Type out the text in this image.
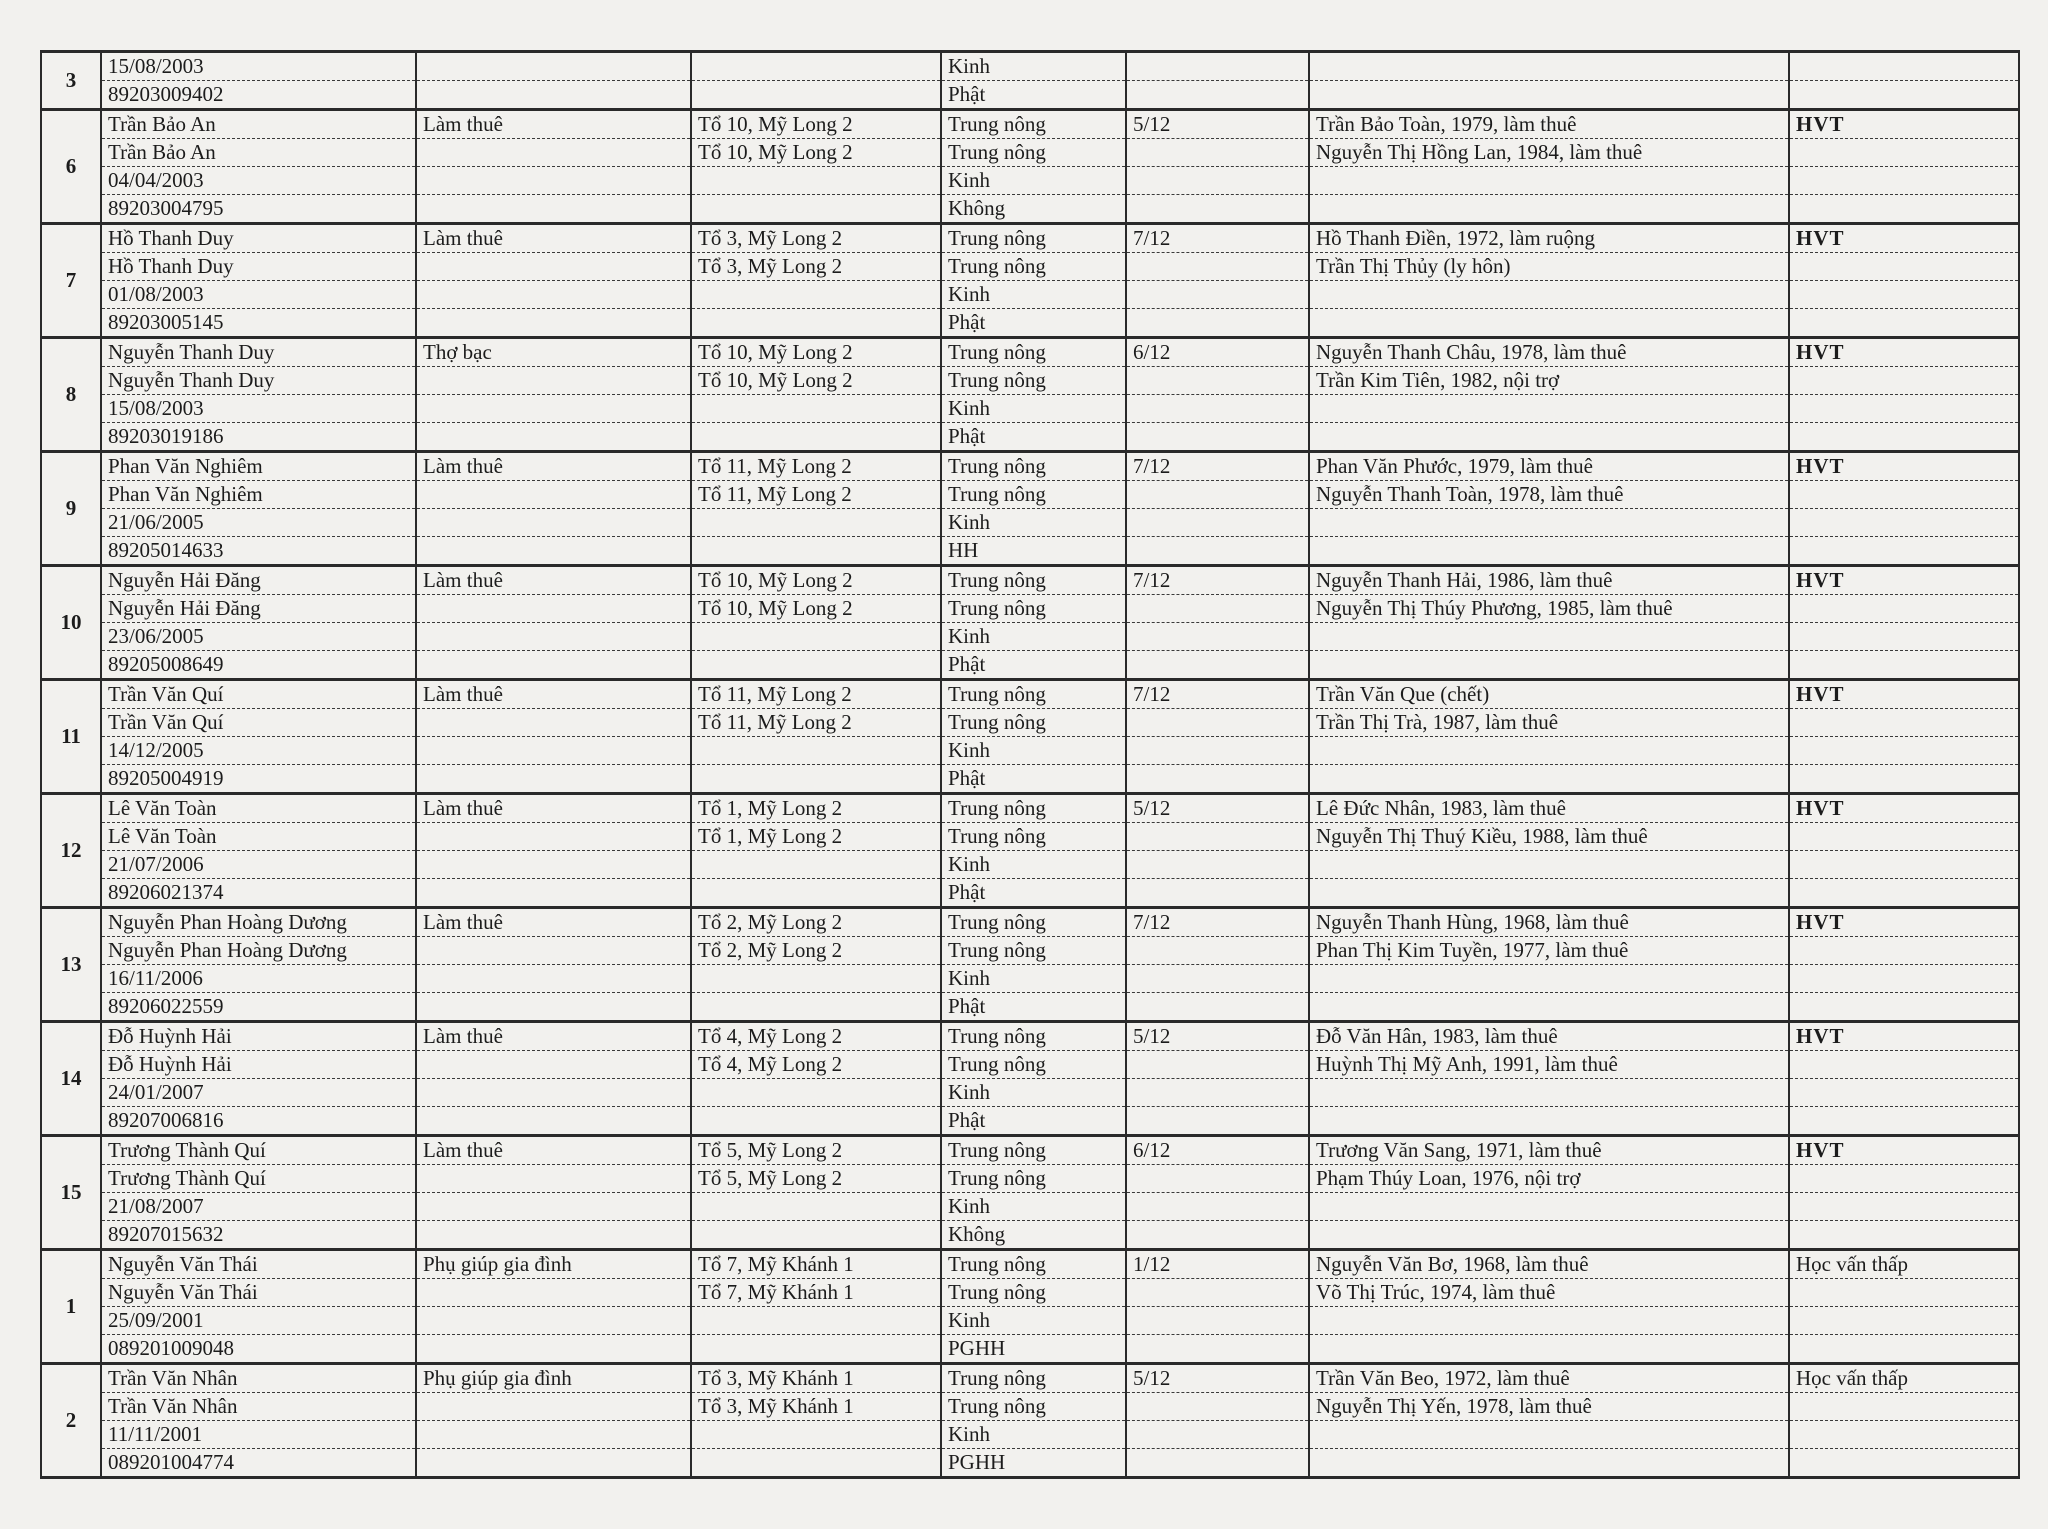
3	15/08/2003			Kinh			
	89203009402			Phật			
6	Trần Bảo An	Làm thuê	Tổ 10, Mỹ Long 2	Trung nông	5/12	Trần Bảo Toàn, 1979, làm thuê	HVT
	Trần Bảo An		Tổ 10, Mỹ Long 2	Trung nông		Nguyễn Thị Hồng Lan, 1984, làm thuê	
	04/04/2003			Kinh			
	89203004795			Không			
7	Hồ Thanh Duy	Làm thuê	Tổ 3, Mỹ Long 2	Trung nông	7/12	Hồ Thanh Điền, 1972, làm ruộng	HVT
	Hồ Thanh Duy		Tổ 3, Mỹ Long 2	Trung nông		Trần Thị Thủy (ly hôn)	
	01/08/2003			Kinh			
	89203005145			Phật			
8	Nguyễn Thanh Duy	Thợ bạc	Tổ 10, Mỹ Long 2	Trung nông	6/12	Nguyễn Thanh Châu, 1978, làm thuê	HVT
	Nguyễn Thanh Duy		Tổ 10, Mỹ Long 2	Trung nông		Trần Kim Tiên, 1982, nội trợ	
	15/08/2003			Kinh			
	89203019186			Phật			
9	Phan Văn Nghiêm	Làm thuê	Tổ 11, Mỹ Long 2	Trung nông	7/12	Phan Văn Phước, 1979, làm thuê	HVT
	Phan Văn Nghiêm		Tổ 11, Mỹ Long 2	Trung nông		Nguyễn Thanh Toàn, 1978, làm thuê	
	21/06/2005			Kinh			
	89205014633			HH			
10	Nguyễn Hải Đăng	Làm thuê	Tổ 10, Mỹ Long 2	Trung nông	7/12	Nguyễn Thanh Hải, 1986, làm thuê	HVT
	Nguyễn Hải Đăng		Tổ 10, Mỹ Long 2	Trung nông		Nguyễn Thị Thúy Phương, 1985, làm thuê	
	23/06/2005			Kinh			
	89205008649			Phật			
11	Trần Văn Quí	Làm thuê	Tổ 11, Mỹ Long 2	Trung nông	7/12	Trần Văn Que (chết)	HVT
	Trần Văn Quí		Tổ 11, Mỹ Long 2	Trung nông		Trần Thị Trà, 1987, làm thuê	
	14/12/2005			Kinh			
	89205004919			Phật			
12	Lê Văn Toàn	Làm thuê	Tổ 1, Mỹ Long 2	Trung nông	5/12	Lê Đức Nhân, 1983, làm thuê	HVT
	Lê Văn Toàn		Tổ 1, Mỹ Long 2	Trung nông		Nguyễn Thị Thuý Kiều, 1988, làm thuê	
	21/07/2006			Kinh			
	89206021374			Phật			
13	Nguyễn Phan Hoàng Dương	Làm thuê	Tổ 2, Mỹ Long 2	Trung nông	7/12	Nguyễn Thanh Hùng, 1968, làm thuê	HVT
	Nguyễn Phan Hoàng Dương		Tổ 2, Mỹ Long 2	Trung nông		Phan Thị Kim Tuyền, 1977, làm thuê	
	16/11/2006			Kinh			
	89206022559			Phật			
14	Đỗ Huỳnh Hải	Làm thuê	Tổ 4, Mỹ Long 2	Trung nông	5/12	Đỗ Văn Hân, 1983, làm thuê	HVT
	Đỗ Huỳnh Hải		Tổ 4, Mỹ Long 2	Trung nông		Huỳnh Thị Mỹ Anh, 1991, làm thuê	
	24/01/2007			Kinh			
	89207006816			Phật			
15	Trương Thành Quí	Làm thuê	Tổ 5, Mỹ Long 2	Trung nông	6/12	Trương Văn Sang, 1971, làm thuê	HVT
	Trương Thành Quí		Tổ 5, Mỹ Long 2	Trung nông		Phạm Thúy Loan, 1976, nội trợ	
	21/08/2007			Kinh			
	89207015632			Không			
1	Nguyễn Văn Thái	Phụ giúp gia đình	Tổ 7, Mỹ Khánh 1	Trung nông	1/12	Nguyễn Văn Bơ, 1968, làm thuê	Học vấn thấp
	Nguyễn Văn Thái		Tổ 7, Mỹ Khánh 1	Trung nông		Võ Thị Trúc, 1974, làm thuê	
	25/09/2001			Kinh			
	089201009048			PGHH			
2	Trần Văn Nhân	Phụ giúp gia đình	Tổ 3, Mỹ Khánh 1	Trung nông	5/12	Trần Văn Beo, 1972, làm thuê	Học vấn thấp
	Trần Văn Nhân		Tổ 3, Mỹ Khánh 1	Trung nông		Nguyễn Thị Yến, 1978, làm thuê	
	11/11/2001			Kinh			
	089201004774			PGHH			
